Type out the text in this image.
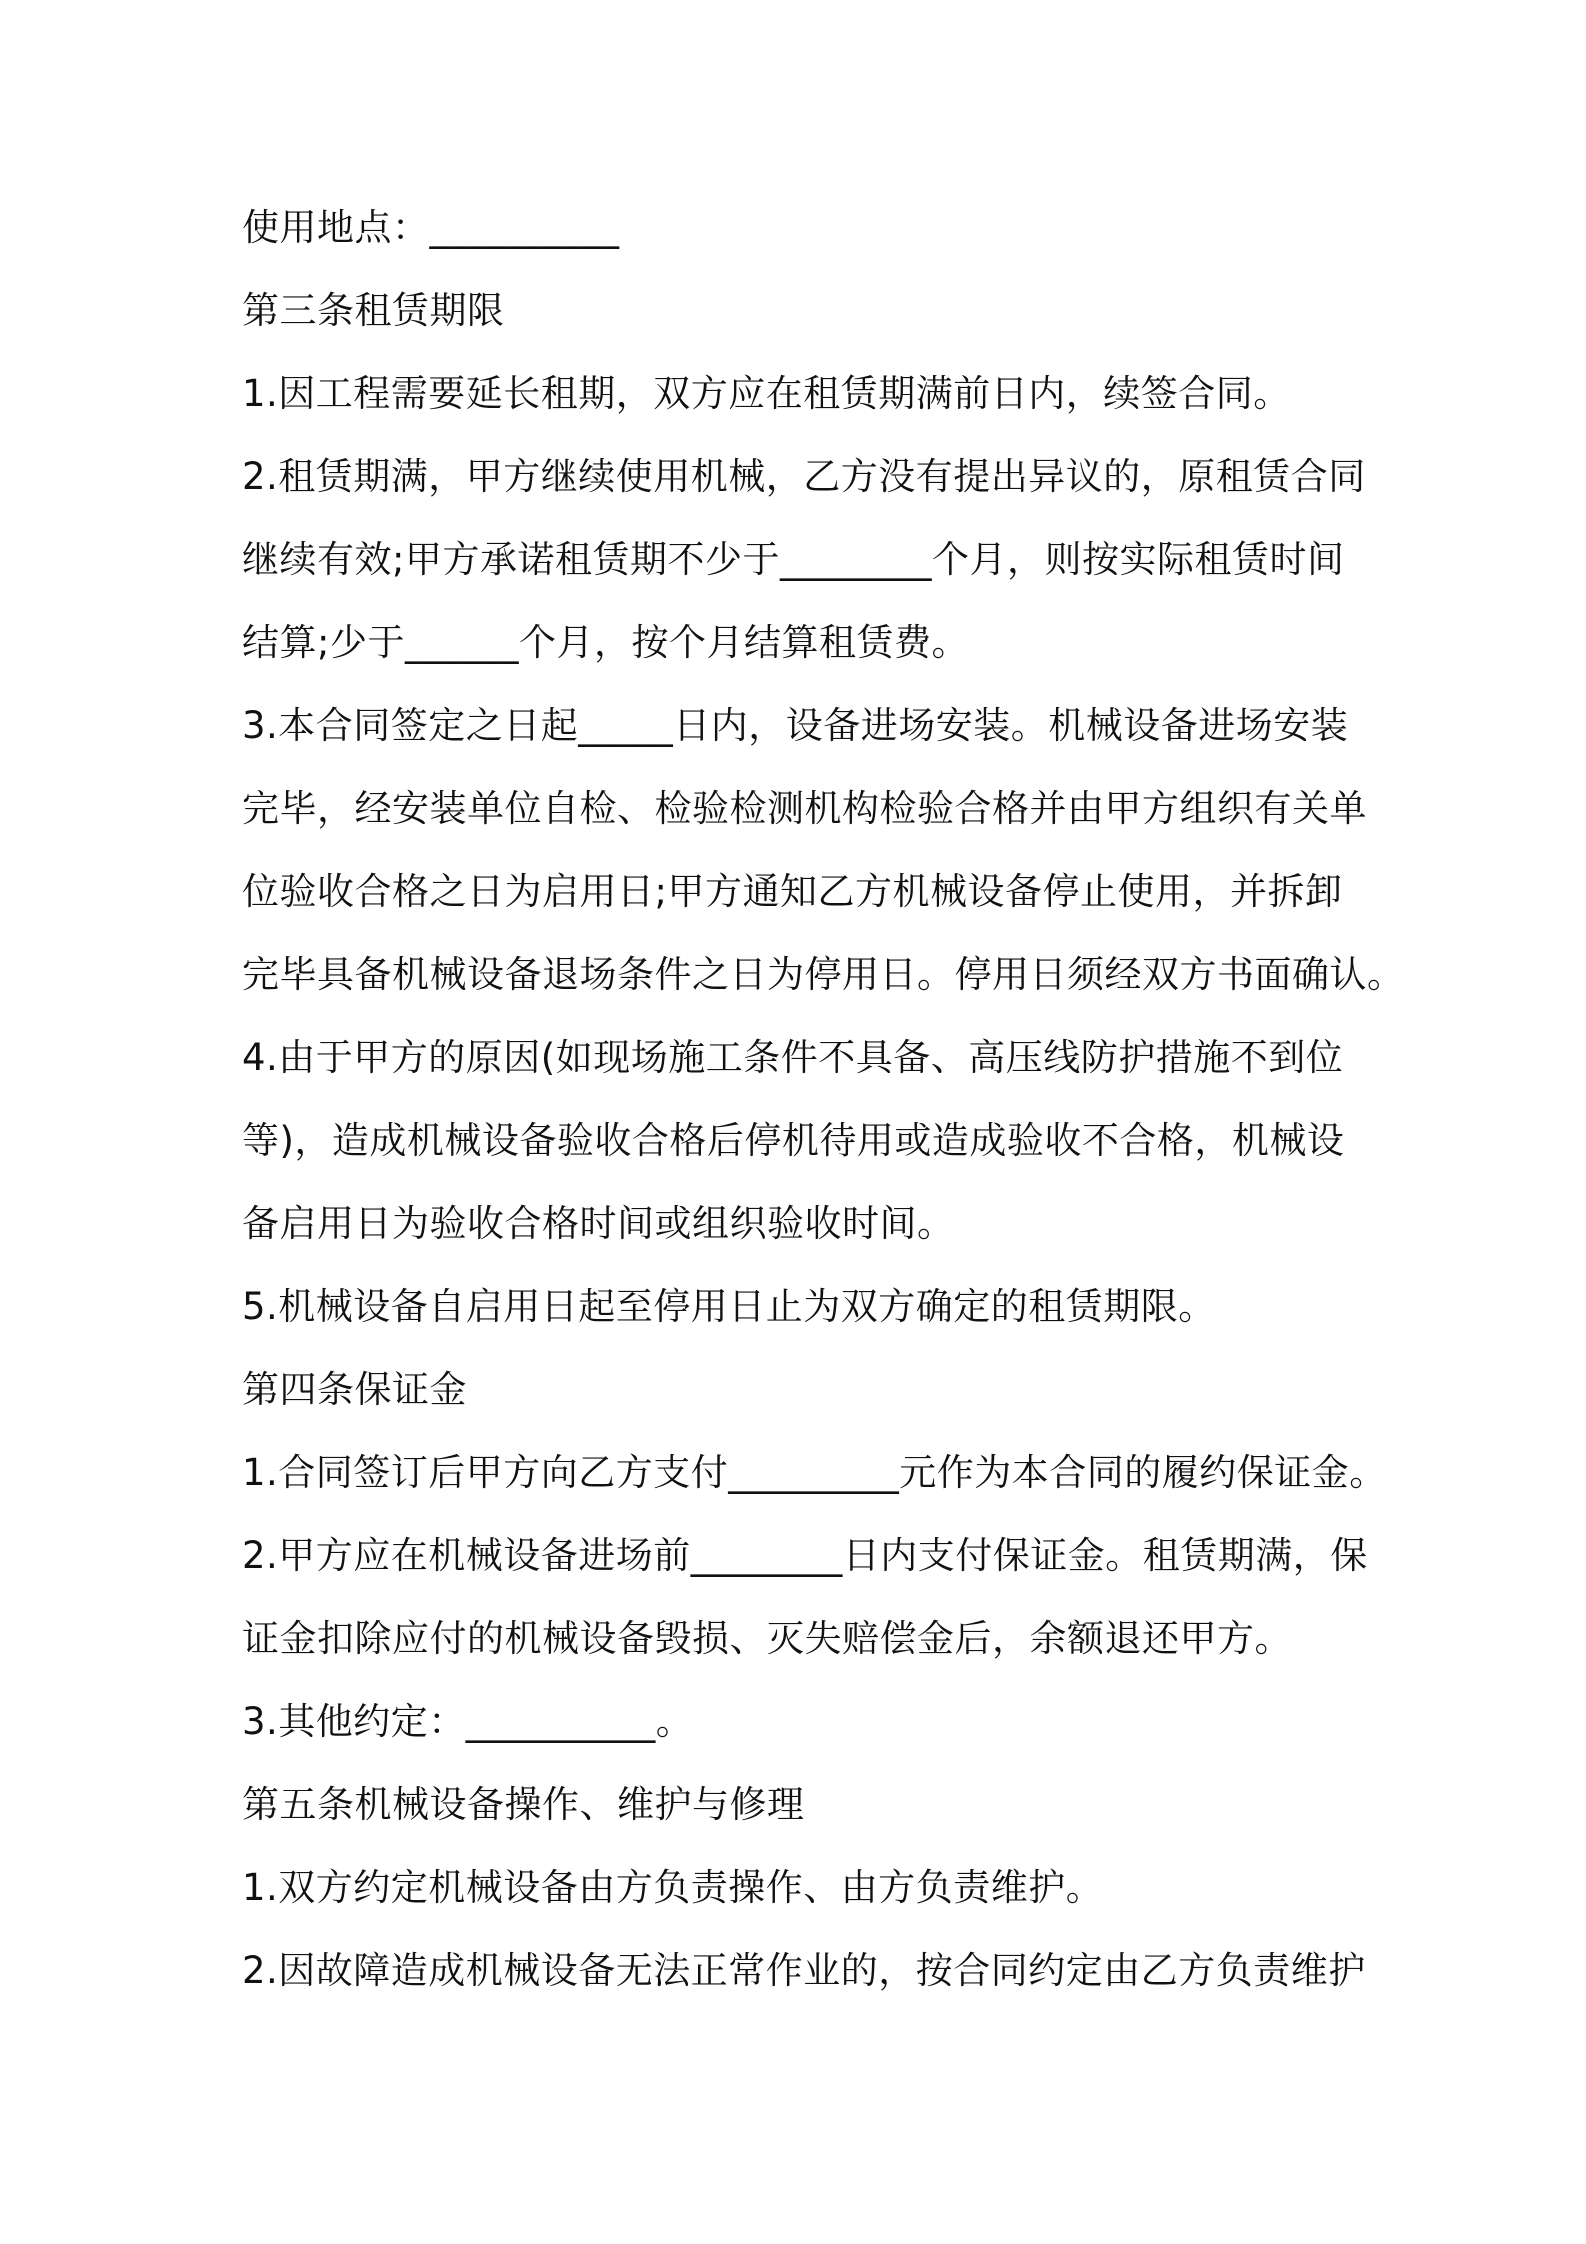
使用地点：__________
第三条租赁期限
1.因工程需要延长租期，双方应在租赁期满前日内，续签合同。
2.租赁期满，甲方继续使用机械，乙方没有提出异议的，原租赁合同
继续有效;甲方承诺租赁期不少于________个月，则按实际租赁时间
结算;少于______个月，按个月结算租赁费。
3.本合同签定之日起_____日内，设备进场安装。机械设备进场安装
完毕，经安装单位自检、检验检测机构检验合格并由甲方组织有关单
位验收合格之日为启用日;甲方通知乙方机械设备停止使用，并拆卸
完毕具备机械设备退场条件之日为停用日。停用日须经双方书面确认。
4.由于甲方的原因(如现场施工条件不具备、高压线防护措施不到位
等)，造成机械设备验收合格后停机待用或造成验收不合格，机械设
备启用日为验收合格时间或组织验收时间。
5.机械设备自启用日起至停用日止为双方确定的租赁期限。
第四条保证金
1.合同签订后甲方向乙方支付_________元作为本合同的履约保证金。
2.甲方应在机械设备进场前________日内支付保证金。租赁期满，保
证金扣除应付的机械设备毁损、灭失赔偿金后，余额退还甲方。
3.其他约定：__________。
第五条机械设备操作、维护与修理
1.双方约定机械设备由方负责操作、由方负责维护。
2.因故障造成机械设备无法正常作业的，按合同约定由乙方负责维护
